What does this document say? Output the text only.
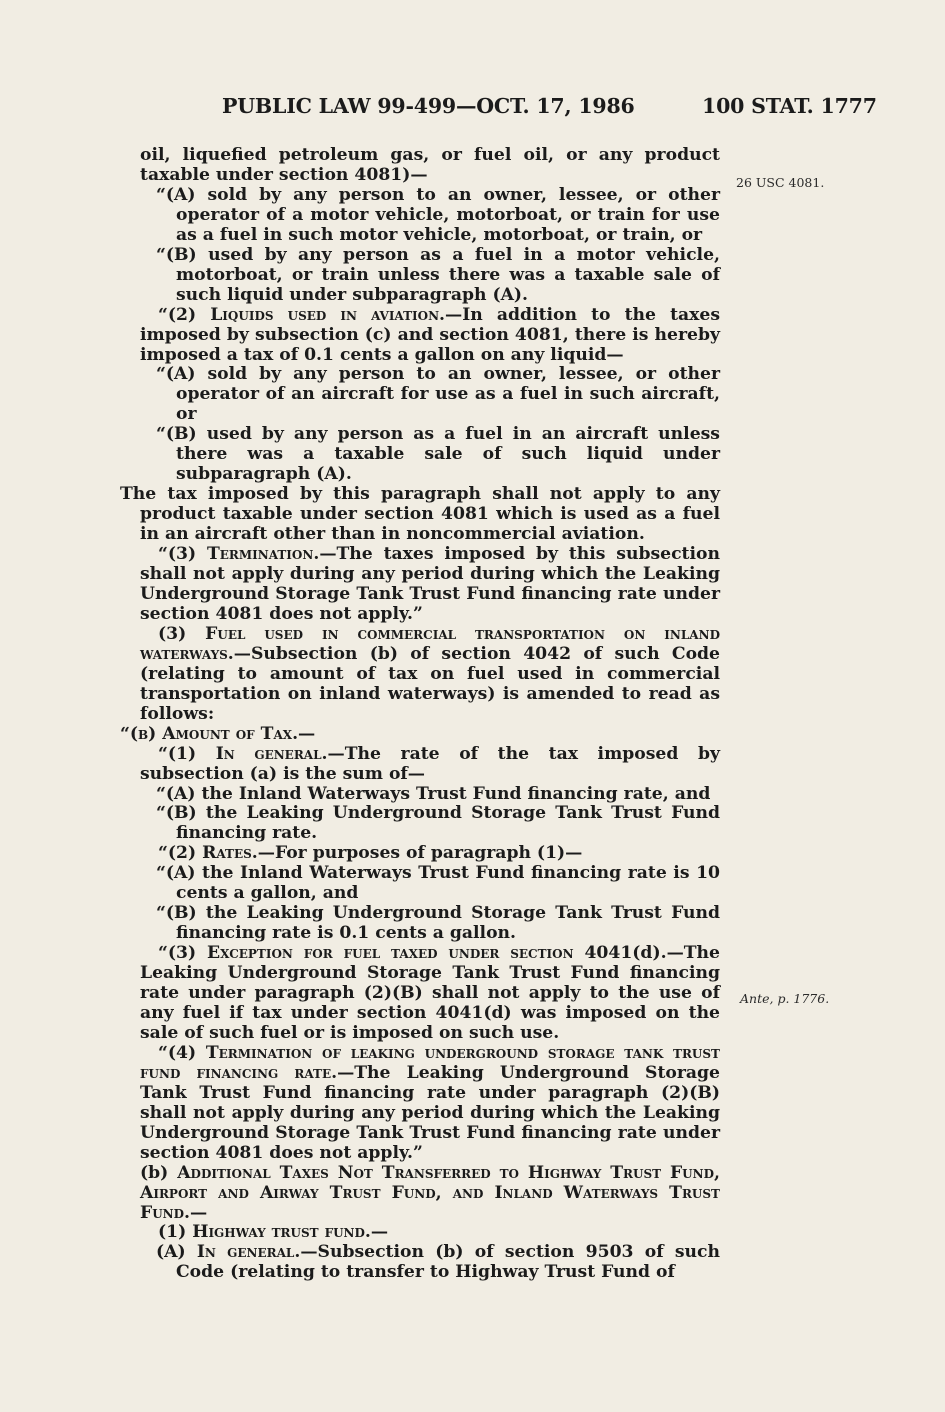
PUBLIC LAW 99-499—OCT. 17, 1986	100 STAT. 1777
26 USC 4081.
Ante, p. 1776.

oil, liquefied petroleum gas, or fuel oil, or any product taxable under section 4081)—

“(A) sold by any person to an owner, lessee, or other operator of a motor vehicle, motorboat, or train for use as a fuel in such motor vehicle, motorboat, or train, or

“(B) used by any person as a fuel in a motor vehicle, motorboat, or train unless there was a taxable sale of such liquid under subparagraph (A).

“(2) Liquids used in aviation.—In addition to the taxes imposed by subsection (c) and section 4081, there is hereby imposed a tax of 0.1 cents a gallon on any liquid—

“(A) sold by any person to an owner, lessee, or other operator of an aircraft for use as a fuel in such aircraft, or

“(B) used by any person as a fuel in an aircraft unless there was a taxable sale of such liquid under subparagraph (A).

The tax imposed by this paragraph shall not apply to any product taxable under section 4081 which is used as a fuel in an aircraft other than in noncommercial aviation.

“(3) Termination.—The taxes imposed by this subsection shall not apply during any period during which the Leaking Underground Storage Tank Trust Fund financing rate under section 4081 does not apply.”

(3) Fuel used in commercial transportation on inland waterways.—Subsection (b) of section 4042 of such Code (relating to amount of tax on fuel used in commercial transportation on inland waterways) is amended to read as follows:

“(b) Amount of Tax.—

“(1) In general.—The rate of the tax imposed by subsection (a) is the sum of—

“(A) the Inland Waterways Trust Fund financing rate, and

“(B) the Leaking Underground Storage Tank Trust Fund financing rate.

“(2) Rates.—For purposes of paragraph (1)—

“(A) the Inland Waterways Trust Fund financing rate is 10 cents a gallon, and

“(B) the Leaking Underground Storage Tank Trust Fund financing rate is 0.1 cents a gallon.

“(3) Exception for fuel taxed under section 4041(d).—The Leaking Underground Storage Tank Trust Fund financing rate under paragraph (2)(B) shall not apply to the use of any fuel if tax under section 4041(d) was imposed on the sale of such fuel or is imposed on such use.

“(4) Termination of leaking underground storage tank trust fund financing rate.—The Leaking Underground Storage Tank Trust Fund financing rate under paragraph (2)(B) shall not apply during any period during which the Leaking Underground Storage Tank Trust Fund financing rate under section 4081 does not apply.”

(b) Additional Taxes Not Transferred to Highway Trust Fund, Airport and Airway Trust Fund, and Inland Waterways Trust Fund.—

(1) Highway trust fund.—

(A) In general.—Subsection (b) of section 9503 of such Code (relating to transfer to Highway Trust Fund of
